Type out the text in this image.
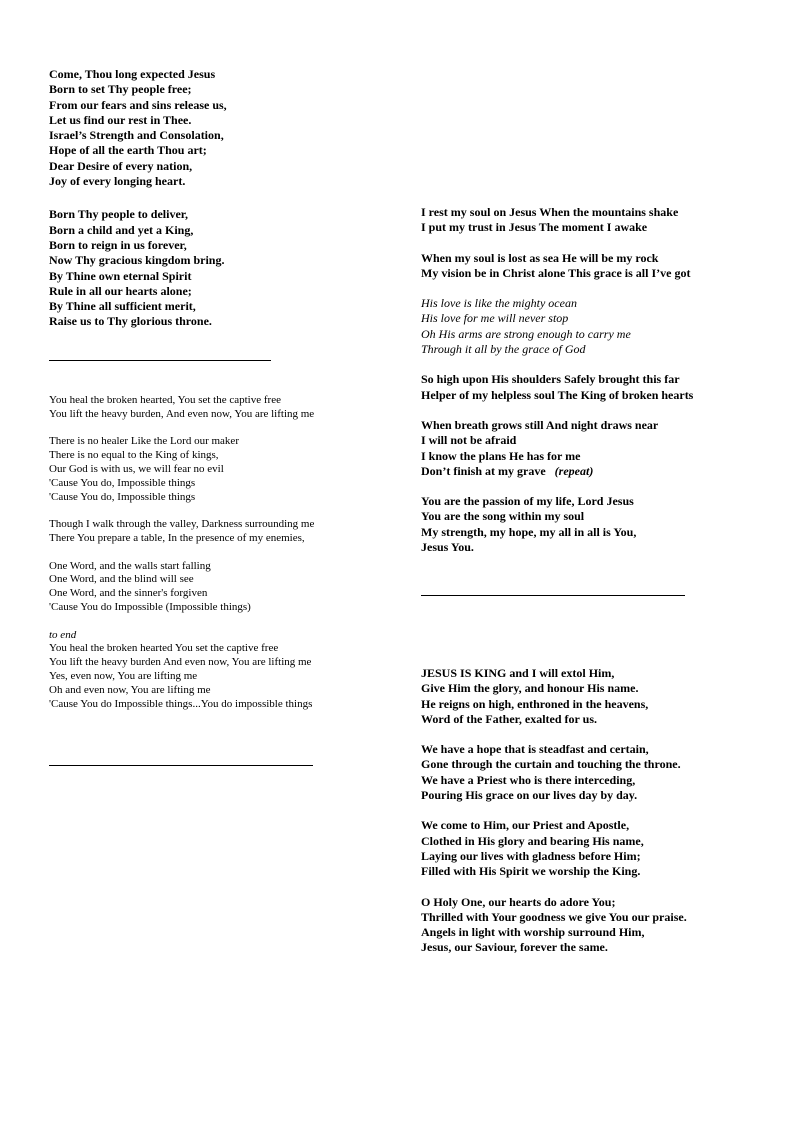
Come, Thou long expected Jesus
Born to set Thy people free;
From our fears and sins release us,
Let us find our rest in Thee.
Israel’s Strength and Consolation,
Hope of all the earth Thou art;
Dear Desire of every nation,
Joy of every longing heart.
Born Thy people to deliver,
Born a child and yet a King,
Born to reign in us forever,
Now Thy gracious kingdom bring.
By Thine own eternal Spirit
Rule in all our hearts alone;
By Thine all sufficient merit,
Raise us to Thy glorious throne.
You heal the broken hearted, You set the captive free
You lift the heavy burden, And even now, You are lifting me
There is no healer Like the Lord our maker
There is no equal to the King of kings,
Our God is with us, we will fear no evil
'Cause You do, Impossible things
'Cause You do, Impossible things
Though I walk through the valley, Darkness surrounding me
There You prepare a table, In the presence of my enemies,
One Word, and the walls start falling
One Word, and the blind will see
One Word, and the sinner's forgiven
'Cause You do Impossible (Impossible things)
to end
You heal the broken hearted You set the captive free
You lift the heavy burden And even now, You are lifting me
Yes, even now, You are lifting me
Oh and even now, You are lifting me
'Cause You do Impossible things...You do impossible things
I rest my soul on Jesus When the mountains shake
I put my trust in Jesus The moment I awake
When my soul is lost as sea He will be my rock
My vision be in Christ alone This grace is all I’ve got
His love is like the mighty ocean
His love for me will never stop
Oh His arms are strong enough to carry me
Through it all by the grace of God
So high upon His shoulders Safely brought this far
Helper of my helpless soul The King of broken hearts
When breath grows still And night draws near
I will not be afraid
I know the plans He has for me
Don’t finish at my grave (repeat)
You are the passion of my life, Lord Jesus
You are the song within my soul
My strength, my hope, my all in all is You,
Jesus You.
JESUS IS KING and I will extol Him,
Give Him the glory, and honour His name.
He reigns on high, enthroned in the heavens,
Word of the Father, exalted for us.
We have a hope that is steadfast and certain,
Gone through the curtain and touching the throne.
We have a Priest who is there interceding,
Pouring His grace on our lives day by day.
We come to Him, our Priest and Apostle,
Clothed in His glory and bearing His name,
Laying our lives with gladness before Him;
Filled with His Spirit we worship the King.
O Holy One, our hearts do adore You;
Thrilled with Your goodness we give You our praise.
Angels in light with worship surround Him,
Jesus, our Saviour, forever the same.
